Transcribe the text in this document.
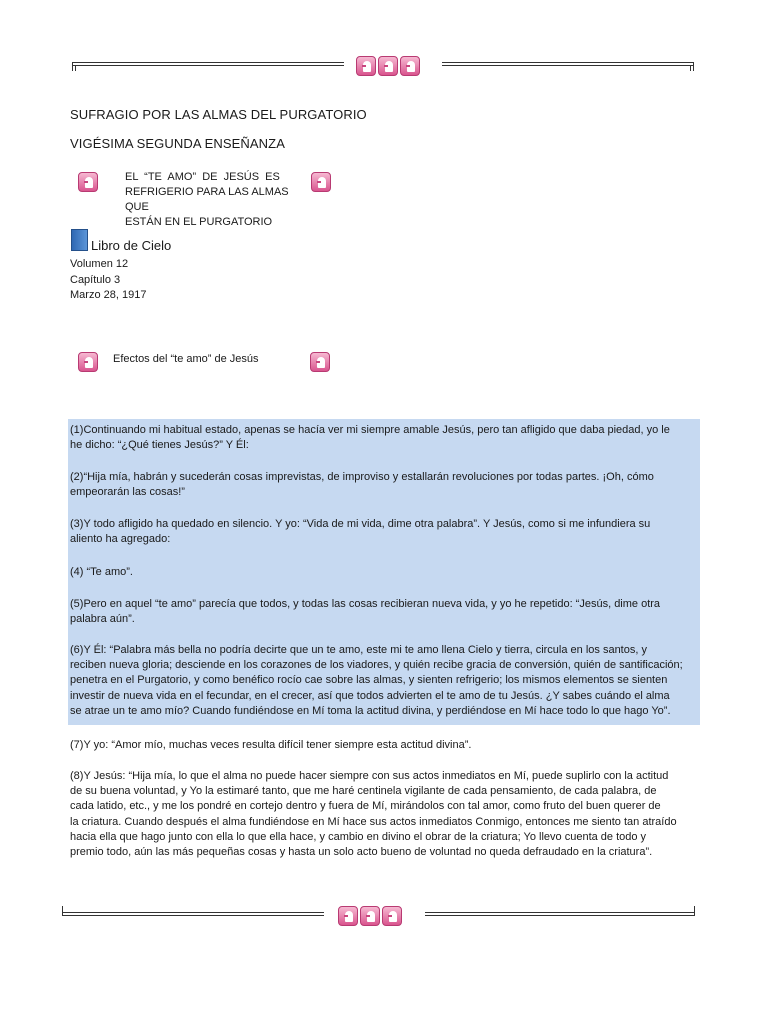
SUFRAGIO POR LAS ALMAS DEL PURGATORIO
VIGÉSIMA SEGUNDA ENSEÑANZA
EL  “TE  AMO”  DE  JESÚS  ES
REFRIGERIO PARA LAS ALMAS QUE
ESTÁN EN EL PURGATORIO
Libro de Cielo
Volumen 12
Capítulo 3
Marzo 28, 1917
Efectos del “te amo” de Jesús
(1)Continuando mi habitual estado, apenas se hacía ver mi siempre amable Jesús, pero tan afligido que daba piedad, yo le
he dicho: “¿Qué tienes Jesús?” Y Él:
(2)“Hija mía, habrán y sucederán cosas imprevistas, de improviso y estallarán revoluciones por todas partes. ¡Oh, cómo
empeorarán las cosas!”
(3)Y todo afligido ha quedado en silencio. Y yo: “Vida de mi vida, dime otra palabra”. Y Jesús, como si me infundiera su
aliento ha agregado:
(4) “Te amo”.
(5)Pero en aquel “te amo” parecía que todos, y todas las cosas recibieran nueva vida, y yo he repetido: “Jesús, dime otra
palabra aún”.
(6)Y Él: “Palabra más bella no podría decirte que un te amo, este mi te amo llena Cielo y tierra, circula en los santos, y
reciben nueva gloria; desciende en los corazones de los viadores, y quién recibe gracia de conversión, quién de santificación;
penetra en el Purgatorio, y como benéfico rocío cae sobre las almas, y sienten refrigerio; los mismos elementos se sienten
investir de nueva vida en el fecundar, en el crecer, así que todos advierten el te amo de tu Jesús. ¿Y sabes cuándo el alma
se atrae un te amo mío? Cuando fundiéndose en Mí toma la actitud divina, y perdiéndose en Mí hace todo lo que hago Yo”.
(7)Y yo: “Amor mío, muchas veces resulta difícil tener siempre esta actitud divina”.
(8)Y Jesús: “Hija mía, lo que el alma no puede hacer siempre con sus actos inmediatos en Mí, puede suplirlo con la actitud
de su buena voluntad, y Yo la estimaré tanto, que me haré centinela vigilante de cada pensamiento, de cada palabra, de
cada latido, etc., y me los pondré en cortejo dentro y fuera de Mí, mirándolos con tal amor, como fruto del buen querer de
la criatura. Cuando después el alma fundiéndose en Mí hace sus actos inmediatos Conmigo, entonces me siento tan atraído
hacia ella que hago junto con ella lo que ella hace, y cambio en divino el obrar de la criatura; Yo llevo cuenta de todo y
premio todo, aún las más pequeñas cosas y hasta un solo acto bueno de voluntad no queda defraudado en la criatura”.
